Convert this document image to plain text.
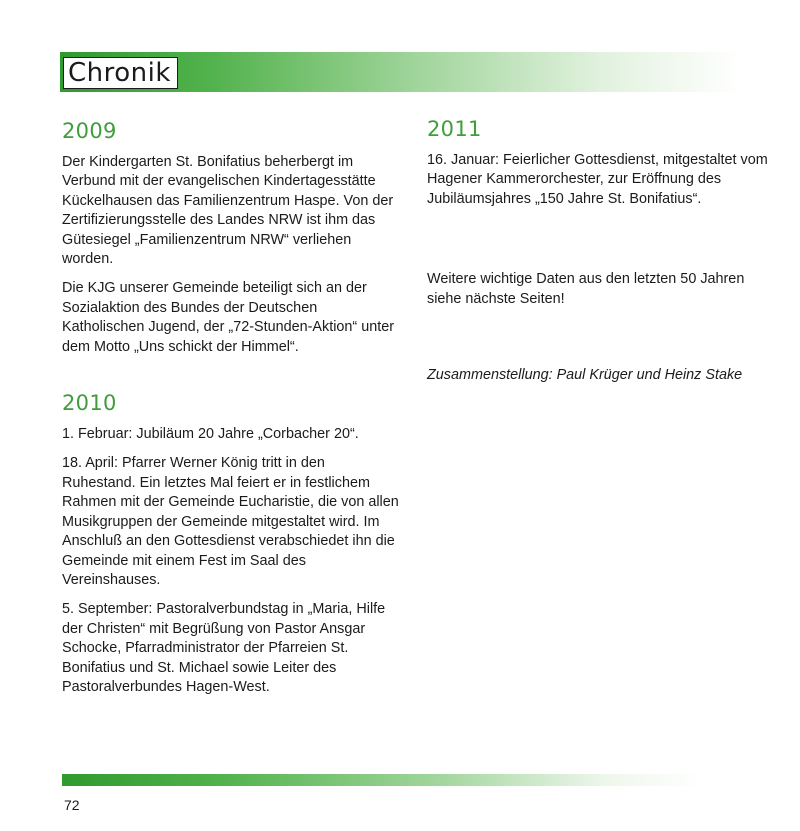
Chronik
2009

Der Kindergarten St. Bonifatius beherbergt im Verbund mit der evangelischen Kindertagesstätte Kückelhausen das Familienzentrum Haspe. Von der Zertifizierungsstelle des Landes NRW ist ihm das Gütesiegel „Familienzentrum NRW“ verliehen worden.

Die KJG unserer Gemeinde beteiligt sich an der Sozialaktion des Bundes der Deutschen Katholischen Jugend, der „72-Stunden-Aktion“ unter dem Motto „Uns schickt der Himmel“.

2010

1. Februar: Jubiläum 20 Jahre „Corbacher 20“.

18. April: Pfarrer Werner König tritt in den Ruhestand. Ein letztes Mal feiert er in festlichem Rahmen mit der Gemeinde Eucharistie, die von allen Musikgruppen der Gemeinde mitgestaltet wird. Im Anschluß an den Gottesdienst verabschiedet ihn die Gemeinde mit einem Fest im Saal des Vereinshauses.

5. September: Pastoralverbundstag in „Maria, Hilfe der Christen“ mit Begrüßung von Pastor Ansgar Schocke, Pfarradministrator der Pfarreien St. Bonifatius und St. Michael sowie Leiter des Pastoralverbundes Hagen-West.

2011

16. Januar: Feierlicher Gottesdienst, mitgestaltet vom Hagener Kammerorchester, zur Eröffnung des Jubiläumsjahres „150 Jahre St. Bonifatius“.

Weitere wichtige Daten aus den letzten 50 Jahren siehe nächste Seiten!

Zusammenstellung: Paul Krüger und Heinz Stake

72
